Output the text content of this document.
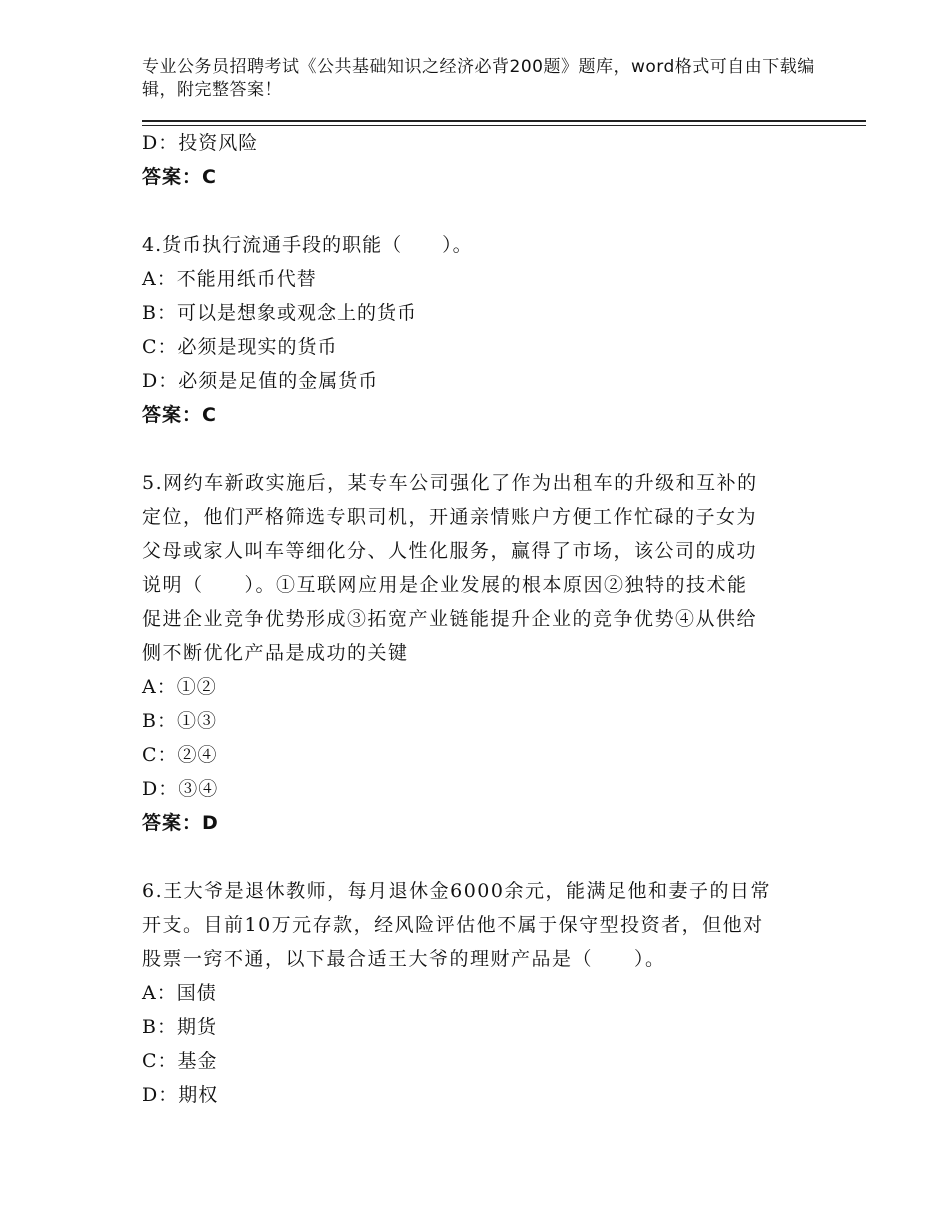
专业公务员招聘考试《公共基础知识之经济必背200题》题库，word格式可自由下载编辑，附完整答案！
D：投资风险
答案：C
4.货币执行流通手段的职能（　　）。
A：不能用纸币代替
B：可以是想象或观念上的货币
C：必须是现实的货币
D：必须是足值的金属货币
答案：C
5.网约车新政实施后，某专车公司强化了作为出租车的升级和互补的
定位，他们严格筛选专职司机，开通亲情账户方便工作忙碌的子女为
父母或家人叫车等细化分、人性化服务，赢得了市场，该公司的成功
说明（　　）。①互联网应用是企业发展的根本原因②独特的技术能
促进企业竞争优势形成③拓宽产业链能提升企业的竞争优势④从供给
侧不断优化产品是成功的关键
A：①②
B：①③
C：②④
D：③④
答案：D
6.王大爷是退休教师，每月退休金6000余元，能满足他和妻子的日常
开支。目前10万元存款，经风险评估他不属于保守型投资者，但他对
股票一窍不通，以下最合适王大爷的理财产品是（　　）。
A：国债
B：期货
C：基金
D：期权
